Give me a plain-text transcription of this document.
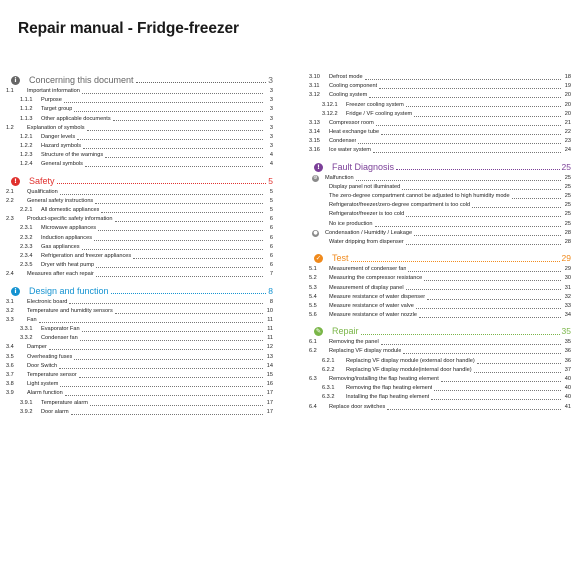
Repair manual - Fridge-freezer
i	Concerning this document	3
1.1	Important information	3
1.1.1	Purpose	3
1.1.2	Target group	3
1.1.3	Other applicable documents	3
1.2	Explanation of symbols	3
1.2.1	Danger levels	3
1.2.2	Hazard symbols	3
1.2.3	Structure of the warnings	4
1.2.4	General symbols	4
!	Safety	5
2.1	Qualification	5
2.2	General safety instructions	5
2.2.1	All domestic appliances	5
2.3	Product-specific safety information	6
2.3.1	Microwave appliances	6
2.3.2	Induction appliances	6
2.3.3	Gas appliances	6
2.3.4	Refrigeration and freezer appliances	6
2.3.5	Dryer with heat pump	6
2.4	Measures after each repair	7
i	Design and function	8
3.1	Electronic board	8
3.2	Temperature and humidity sensors	10
3.3	Fan	11
3.3.1	Evaporator Fan	11
3.3.2	Condenser fan	11
3.4	Damper	12
3.5	Overheating fuses	13
3.6	Door Switch	14
3.7	Temperature sensor	15
3.8	Light system	16
3.9	Alarm function	17
3.9.1	Temperature alarm	17
3.9.2	Door alarm	17
3.10	Defrost mode	18
3.11	Cooling component	19
3.12	Cooling system	20
3.12.1	Freezer cooling system	20
3.12.2	Fridge / VF cooling system	20
3.13	Compressor room	21
3.14	Heat exchange tube	22
3.15	Condenser	23
3.16	Ice water system	24
!	Fault Diagnosis	25
⚙ Malfunction	25
Display panel not illuminated	25
The zero-degree compartment cannot be adjusted to high humidity mode	25
Refrigerator/freezer/zero-degree compartment is too cold	25
Refrigerator/freezer is too cold	25
No ice production	25
● Condensation / Humidity / Leakage	28
Water dripping from dispenser	28
✓ Test	29
5.1	Measurement of condenser fan	29
5.2	Measuring the compressor resistance	30
5.3	Measurement of display panel	31
5.4	Measure resistance of water dispenser	32
5.5	Measure resistance of water valve	33
5.6	Measure resistance of water nozzle	34
✎ Repair	35
6.1	Removing the panel	35
6.2	Replacing VF display module	36
6.2.1	Replacing VF display module (external door handle)	36
6.2.2	Replacing VF display module(internal door handle)	37
6.3	Removing/installing the flap heating element	40
6.3.1	Removing the flap heating element	40
6.3.2	Installing the flap heating element	40
6.4	Replace door switches	41
